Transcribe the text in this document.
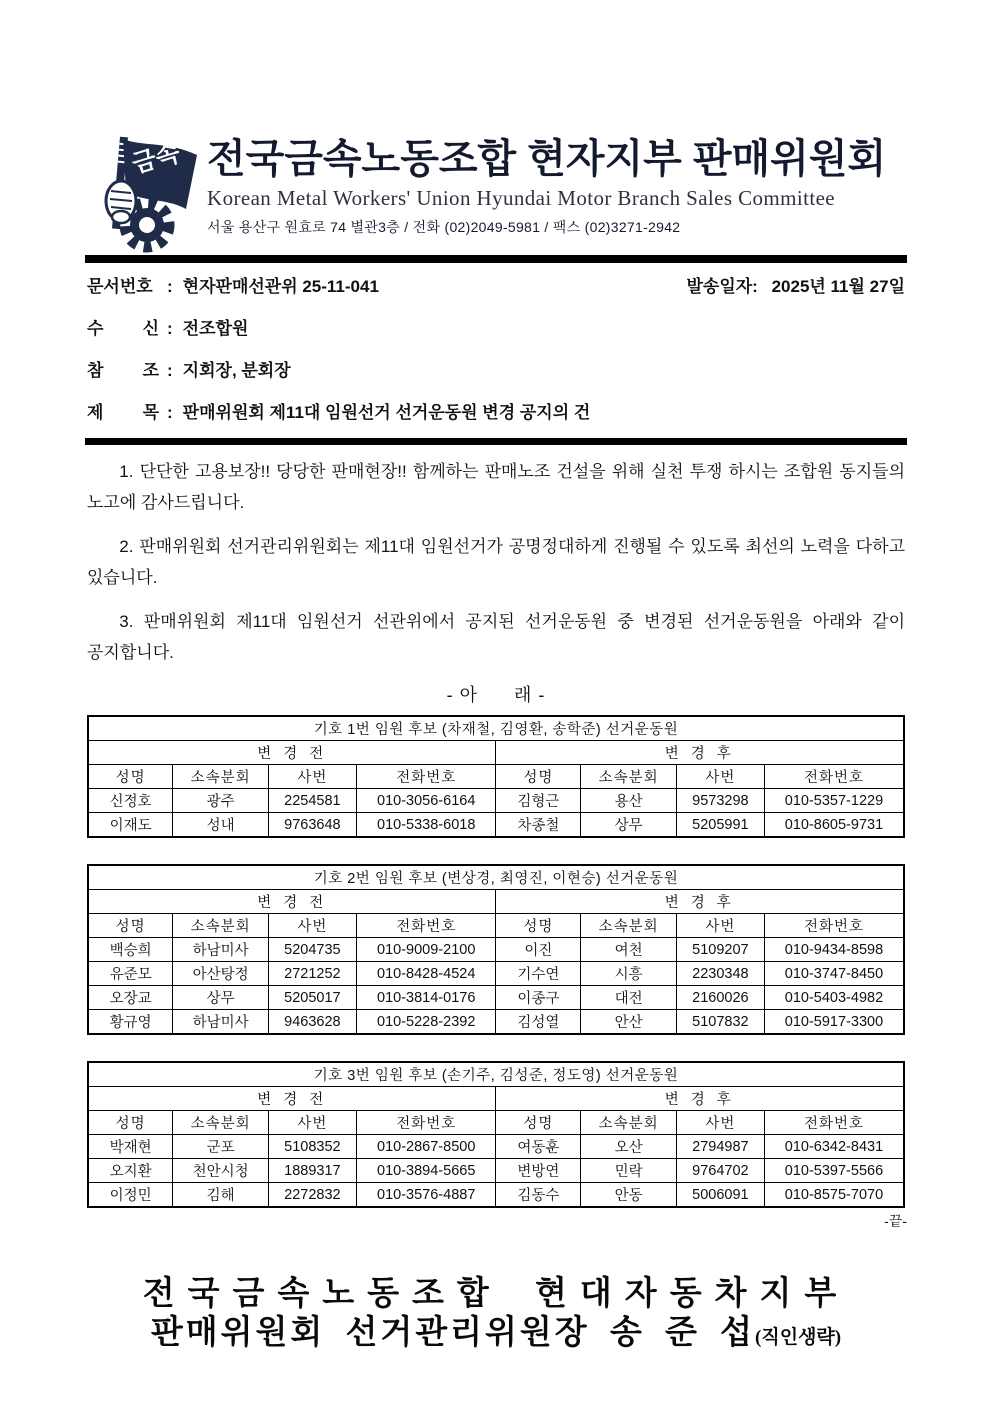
금속 전국금속노동조합 현자지부 판매위원회
Korean Metal Workers' Union Hyundai Motor Branch Sales Committee
서울 용산구 원효로 74 별관3층 / 전화 (02)2049-5981 / 팩스 (02)3271-2942
문서번호 : 현자판매선관위 25-11-041	발송일자: 2025년 11월 27일
수 신 : 전조합원
참 조 : 지회장, 분회장
제 목 : 판매위원회 제11대 임원선거 선거운동원 변경 공지의 건

1. 단단한 고용보장!! 당당한 판매현장!! 함께하는 판매노조 건설을 위해 실천 투쟁 하시는 조합원 동지들의 노고에 감사드립니다.

2. 판매위원회 선거관리위원회는 제11대 임원선거가 공명정대하게 진행될 수 있도록 최선의 노력을 다하고 있습니다.

3. 판매위원회 제11대 임원선거 선관위에서 공지된 선거운동원 중 변경된 선거운동원을 아래와 같이 공지합니다.

- 아      래 -
기호 1번 임원 후보 (차재철, 김영환, 송학준) 선거운동원							
변 경 전				변 경 후			
성명	소속분회	사번	전화번호	성명	소속분회	사번	전화번호
신정호	광주	2254581	010-3056-6164	김형근	용산	9573298	010-5357-1229
이재도	성내	9763648	010-5338-6018	차종철	상무	5205991	010-8605-9731
기호 2번 임원 후보 (변상경, 최영진, 이현승) 선거운동원							
변 경 전				변 경 후			
성명	소속분회	사번	전화번호	성명	소속분회	사번	전화번호
백승희	하남미사	5204735	010-9009-2100	이진	여천	5109207	010-9434-8598
유준모	아산탕정	2721252	010-8428-4524	기수연	시흥	2230348	010-3747-8450
오장교	상무	5205017	010-3814-0176	이종구	대전	2160026	010-5403-4982
황규영	하남미사	9463628	010-5228-2392	김성열	안산	5107832	010-5917-3300
기호 3번 임원 후보 (손기주, 김성준, 정도영) 선거운동원							
변 경 전				변 경 후			
성명	소속분회	사번	전화번호	성명	소속분회	사번	전화번호
박재현	군포	5108352	010-2867-8500	여동훈	오산	2794987	010-6342-8431
오지환	천안시청	1889317	010-3894-5665	변방연	민락	9764702	010-5397-5566
이정민	김해	2272832	010-3576-4887	김동수	안동	5006091	010-8575-7070
-끝-
전국금속노동조합 현대자동차지부
판매위원회 선거관리위원장 송 준 섭(직인생략)
